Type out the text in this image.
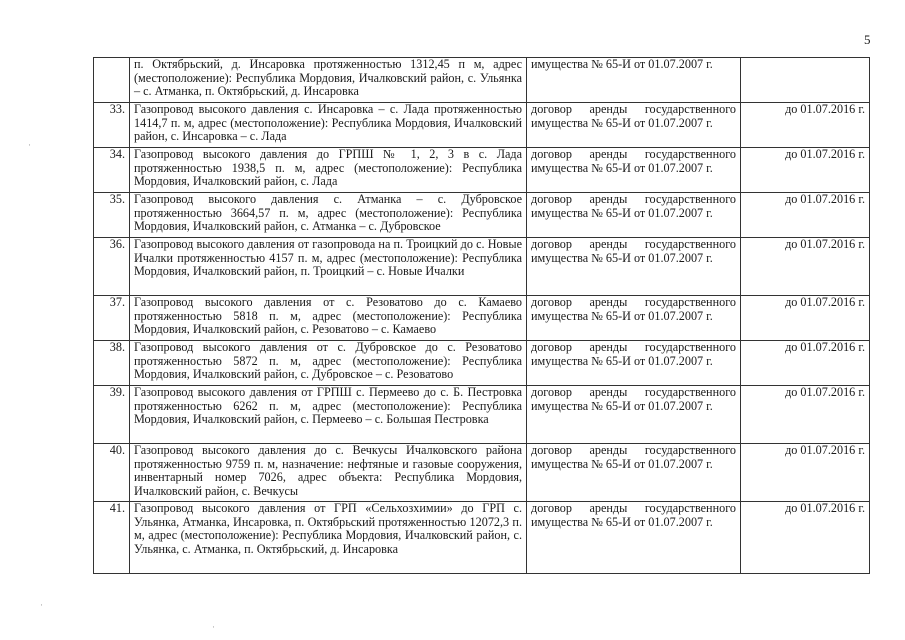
5
	п. Октябрьский, д. Инсаровка протяженностью 1312,45 п м, адрес (местоположение): Республика Мордовия, Ичалковский район, с. Ульянка – с. Атманка, п. Октябрьский, д. Инсаровка	имущества № 65-И от 01.07.2007 г.	
33.	Газопровод высокого давления с. Инсаровка – с. Лада протяженностью 1414,7 п. м, адрес (местоположение): Республика Мордовия, Ичалковский район, с. Инсаровка – с. Лада	договор аренды государственного имущества № 65-И от 01.07.2007 г.	до 01.07.2016 г.
34.	Газопровод высокого давления до ГРПШ № 1, 2, 3 в с. Лада протяженностью 1938,5 п. м, адрес (местоположение): Республика Мордовия, Ичалковский район, с. Лада	договор аренды государственного имущества № 65-И от 01.07.2007 г.	до 01.07.2016 г.
35.	Газопровод высокого давления с. Атманка – с. Дубровское протяженностью 3664,57 п. м, адрес (местоположение): Республика Мордовия, Ичалковский район, с. Атманка – с. Дубровское	договор аренды государственного имущества № 65-И от 01.07.2007 г.	до 01.07.2016 г.
36.	Газопровод высокого давления от газопровода на п. Троицкий до с. Новые Ичалки протяженностью 4157 п. м, адрес (местоположение): Республика Мордовия, Ичалковский район, п. Троицкий – с. Новые Ичалки	договор аренды государственного имущества № 65-И от 01.07.2007 г.	до 01.07.2016 г.
37.	Газопровод высокого давления от с. Резоватово до с. Камаево протяженностью 5818 п. м, адрес (местоположение): Республика Мордовия, Ичалковский район, с. Резоватово – с. Камаево	договор аренды государственного имущества № 65-И от 01.07.2007 г.	до 01.07.2016 г.
38.	Газопровод высокого давления от с. Дубровское до с. Резоватово протяженностью 5872 п. м, адрес (местоположение): Республика Мордовия, Ичалковский район, с. Дубровское – с. Резоватово	договор аренды государственного имущества № 65-И от 01.07.2007 г.	до 01.07.2016 г.
39.	Газопровод высокого давления от ГРПШ с. Пермеево до с. Б. Пестровка протяженностью 6262 п. м, адрес (местоположение): Республика Мордовия, Ичалковский район, с. Пермеево – с. Большая Пестровка	договор аренды государственного имущества № 65-И от 01.07.2007 г.	до 01.07.2016 г.
40.	Газопровод высокого давления до с. Вечкусы Ичалковского района протяженностью 9759 п. м, назначение: нефтяные и газовые сооружения, инвентарный номер 7026, адрес объекта: Республика Мордовия, Ичалковский район, с. Вечкусы	договор аренды государственного имущества № 65-И от 01.07.2007 г.	до 01.07.2016 г.
41.	Газопровод высокого давления от ГРП «Сельхозхимии» до ГРП с. Ульянка, Атманка, Инсаровка, п. Октябрьский протяженностью 12072,3 п. м, адрес (местоположение): Республика Мордовия, Ичалковский район, с. Ульянка, с. Атманка, п. Октябрьский, д. Инсаровка	договор аренды государственного имущества № 65-И от 01.07.2007 г.	до 01.07.2016 г.
·
·
·
